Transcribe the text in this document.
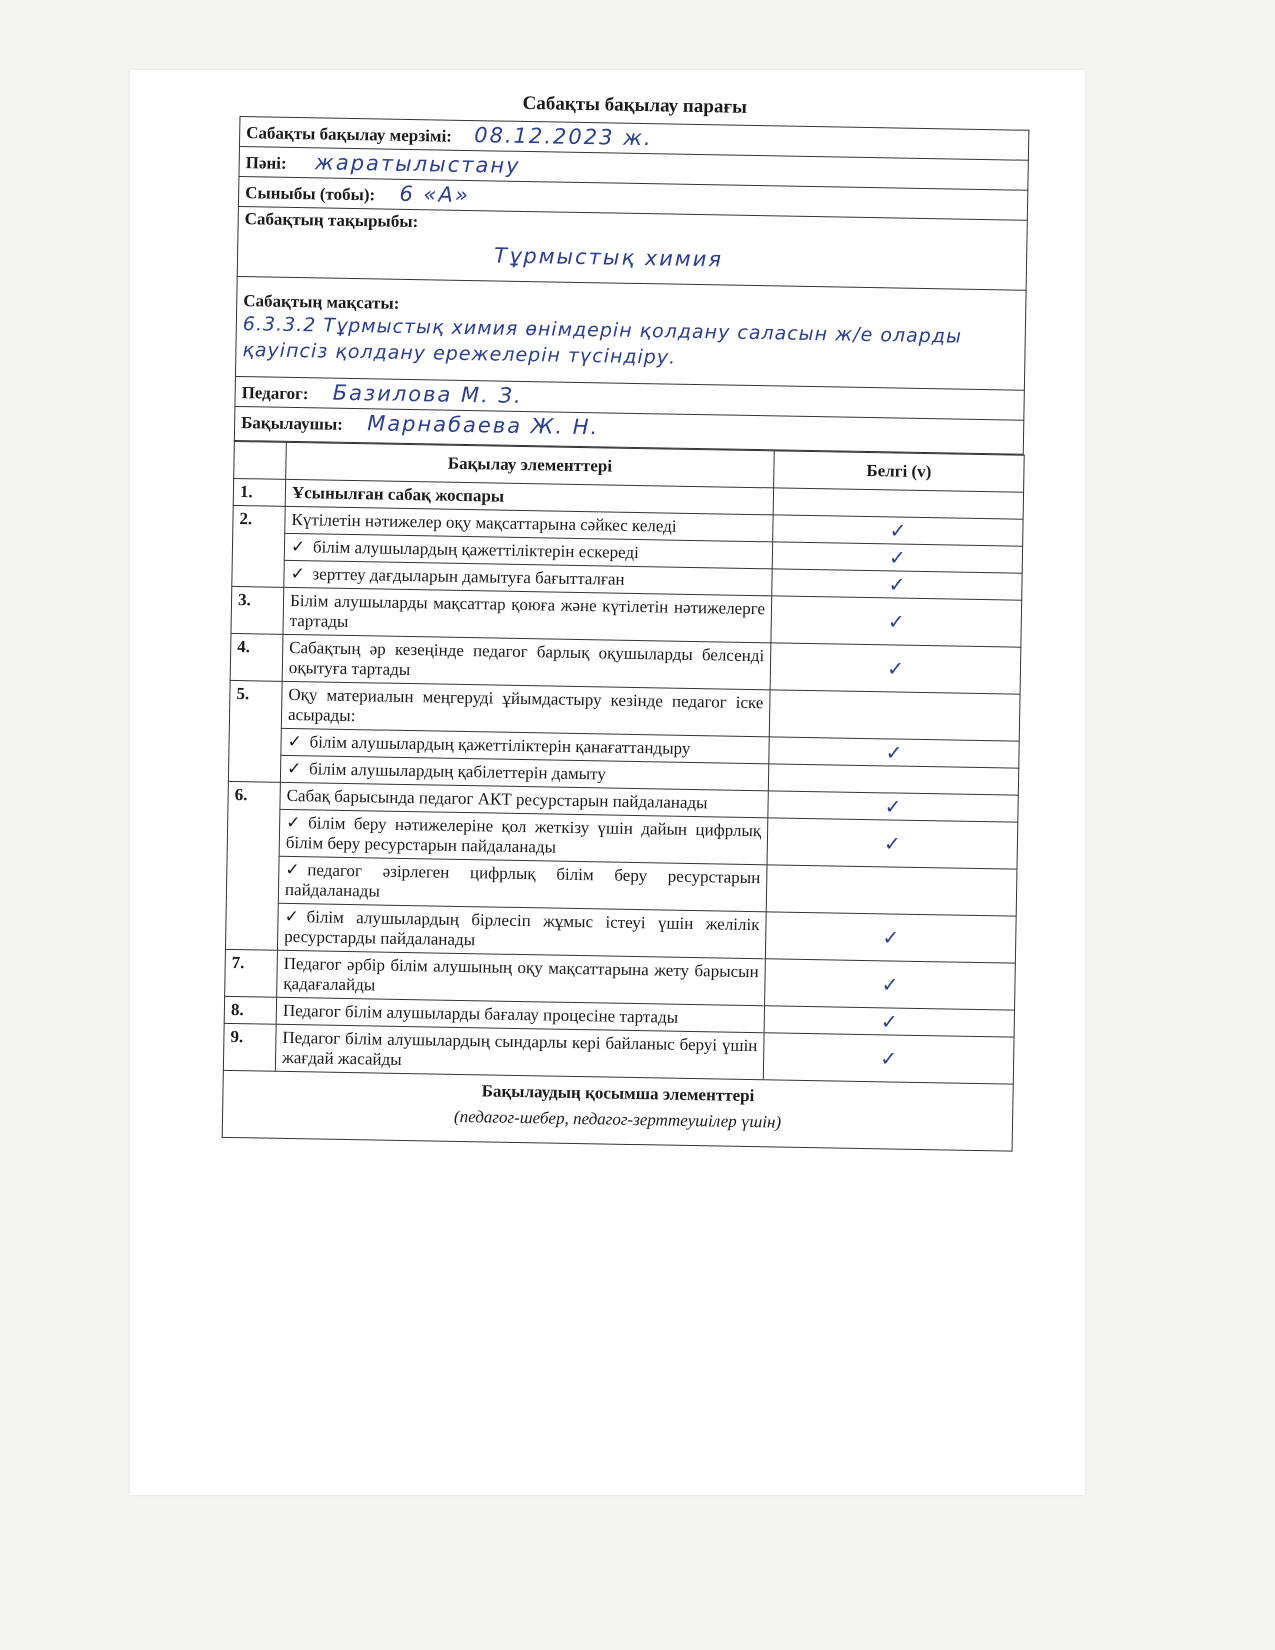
Сабақты бақылау парағы
Сабақты бақылау мерзімі: 08.12.2023 ж.
Пәні: жаратылыстану
Сыныбы (тобы): 6 «А»

Сабақтың тақырыбы:
Тұрмыстық химия

Сабақтың мақсаты:
6.3.3.2 Тұрмыстық химия өнімдерін қолдану саласын ж/е оларды қауіпсіз қолдану ережелерін түсіндіру.

Педагог: Базилова М. З.
Бақылаушы: Марнабаева Ж. Н.
	Бақылау элементтері	Белгі (v)
1.	Ұсынылған сабақ жоспары	
2.	Күтілетін нәтижелер оқу мақсаттарына сәйкес келеді	✓
	✓ білім алушылардың қажеттіліктерін ескереді	✓
	✓ зерттеу дағдыларын дамытуға бағытталған	✓
3.	Білім алушыларды мақсаттар қоюға және күтілетін нәтижелерге тартады	✓
4.	Сабақтың әр кезеңінде педагог барлық оқушыларды белсенді оқытуға тартады	✓
5.	Оқу материалын меңгеруді ұйымдастыру кезінде педагог іске асырады:	
	✓ білім алушылардың қажеттіліктерін қанағаттандыру	✓
	✓ білім алушылардың қабілеттерін дамыту	
6.	Сабақ барысында педагог АКТ ресурстарын пайдаланады	✓
	✓ білім беру нәтижелеріне қол жеткізу үшін дайын цифрлық білім беру ресурстарын пайдаланады	✓
	✓ педагог әзірлеген цифрлық білім беру ресурстарын пайдаланады	
	✓ білім алушылардың бірлесіп жұмыс істеуі үшін желілік ресурстарды пайдаланады	✓
7.	Педагог әрбір білім алушының оқу мақсаттарына жету барысын қадағалайды	✓
8.	Педагог білім алушыларды бағалау процесіне тартады	✓
9.	Педагог білім алушылардың сындарлы кері байланыс беруі үшін жағдай жасайды	✓

Бақылаудың қосымша элементтері
(педагог-шебер, педагог-зерттеушілер үшін)		
